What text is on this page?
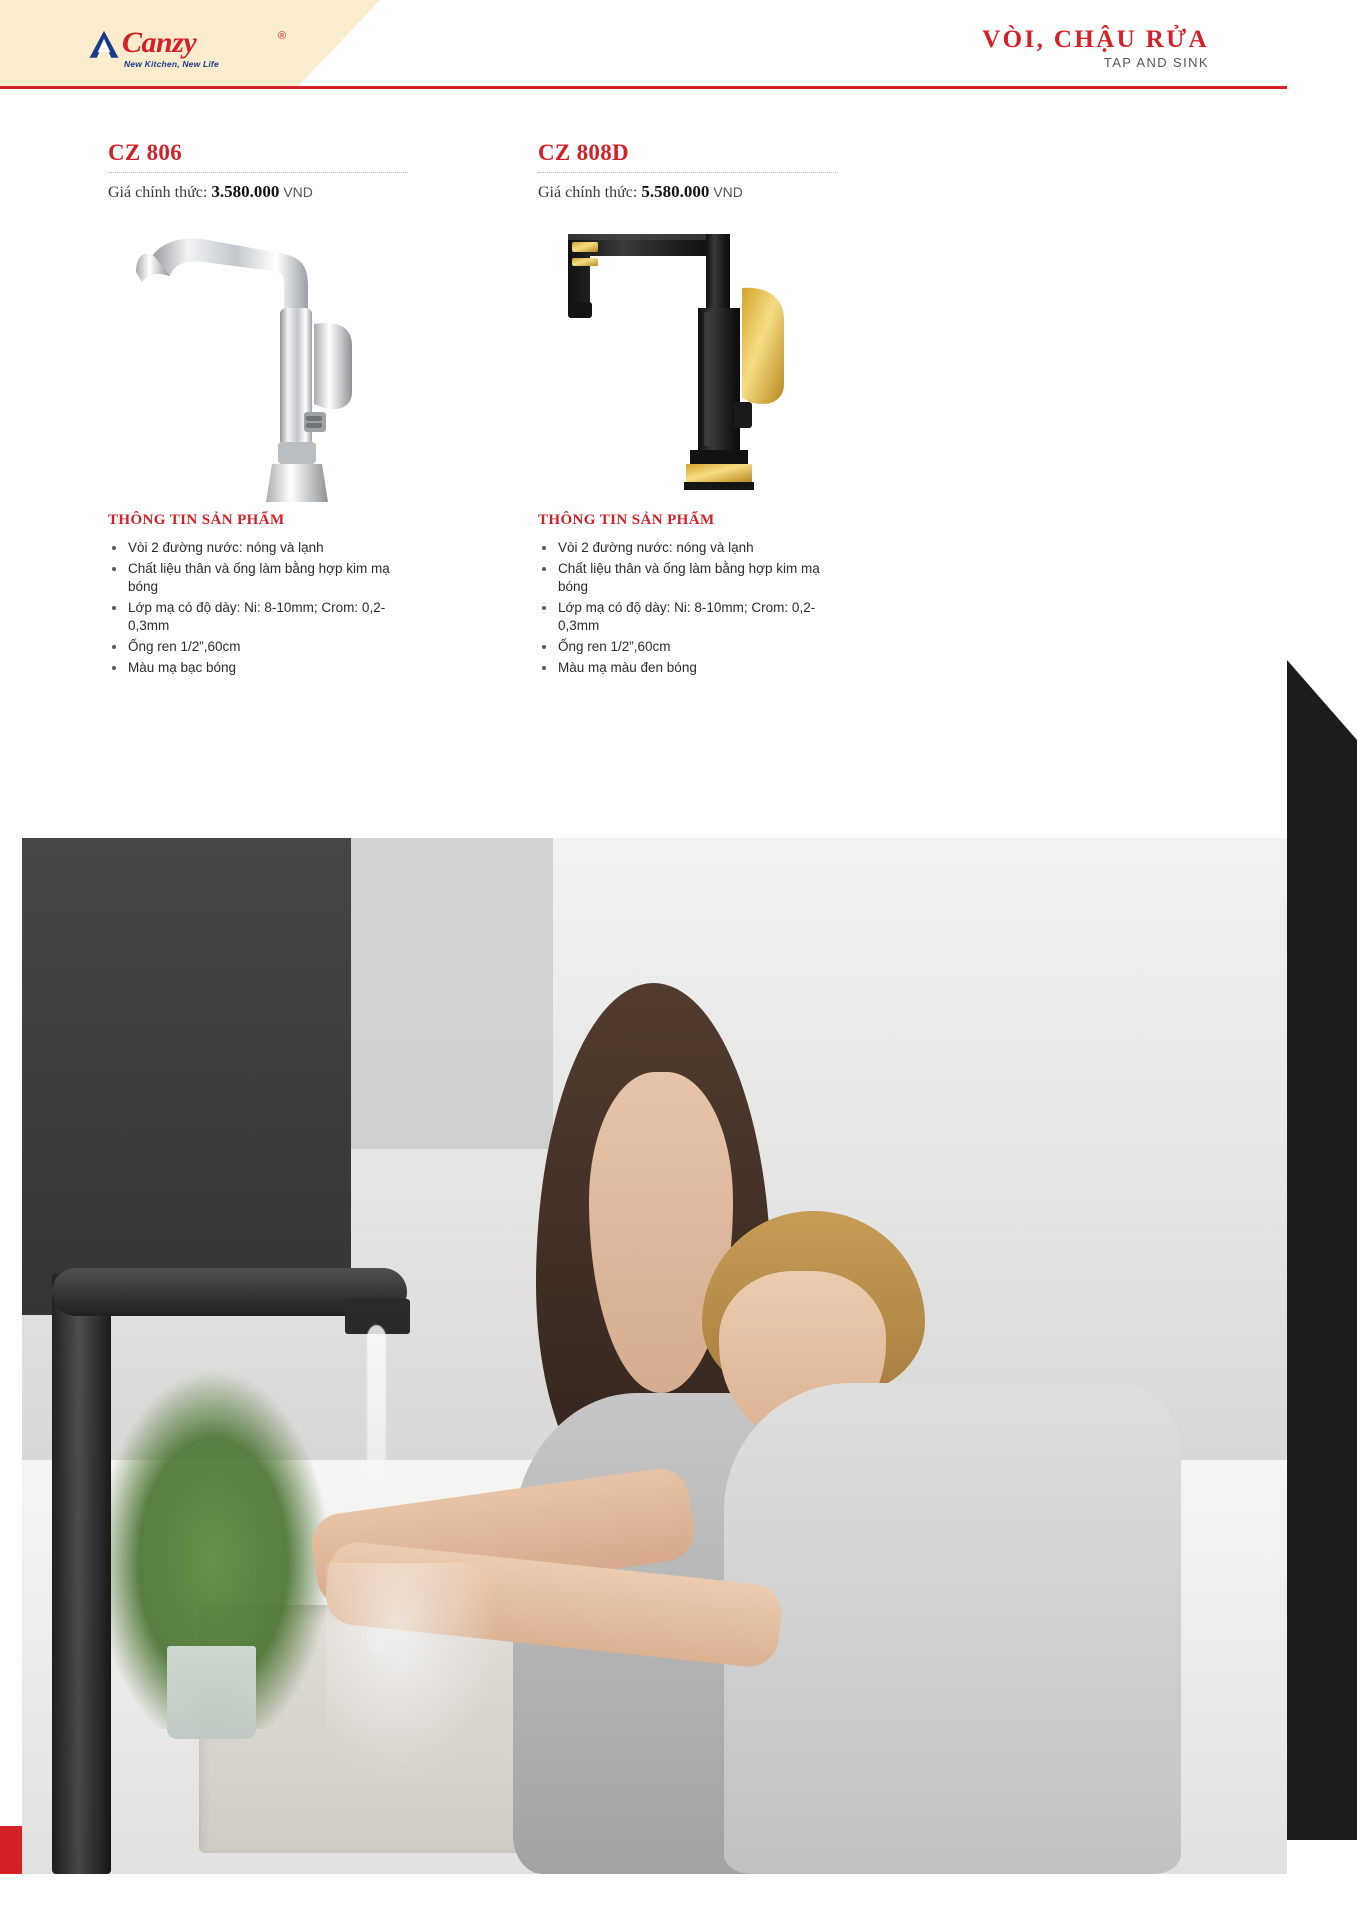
Canzy	®
New Kitchen, New Life
VÒI, CHẬU RỬA
TAP AND SINK
CZ 806
Giá chính thức: 3.580.000 VND
THÔNG TIN SẢN PHẨM
Vòi 2 đường nước: nóng và lạnh
Chất liệu thân và ống làm bằng hợp kim mạ bóng
Lớp mạ có độ dày: Ni: 8-10mm; Crom: 0,2-0,3mm
Ống ren 1/2”,60cm
Màu mạ bạc bóng
CZ 808D
Giá chính thức: 5.580.000 VND
THÔNG TIN SẢN PHẨM
Vòi 2 đường nước: nóng và lạnh
Chất liệu thân và ống làm bằng hợp kim mạ bóng
Lớp mạ có độ dày: Ni: 8-10mm; Crom: 0,2-0,3mm
Ống ren 1/2”,60cm
Màu mạ màu đen bóng
